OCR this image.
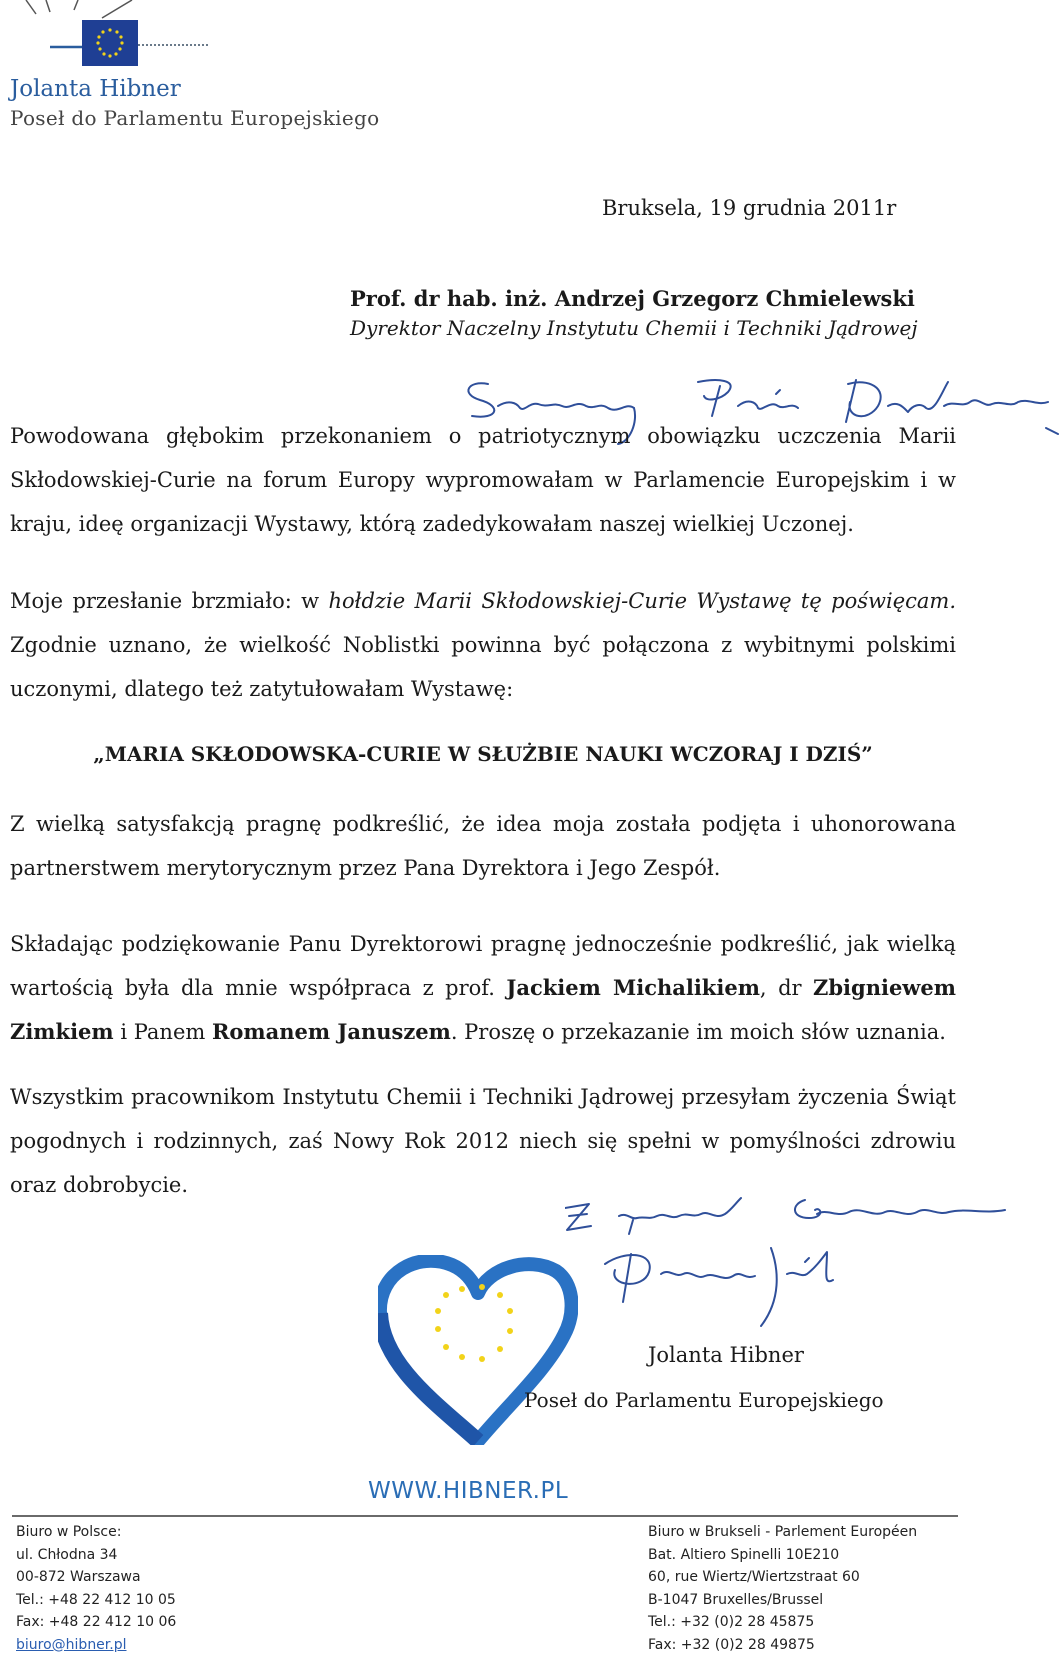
Jolanta Hibner
Poseł do Parlamentu Europejskiego
Bruksela, 19 grudnia 2011r
Prof. dr hab. inż. Andrzej Grzegorz Chmielewski
Dyrektor Naczelny Instytutu Chemii i Techniki Jądrowej
Powodowana głębokim przekonaniem o patriotycznym obowiązku uczczenia Marii Skłodowskiej-Curie na forum Europy wypromowałam w Parlamencie Europejskim i w kraju, ideę organizacji Wystawy, którą zadedykowałam naszej wielkiej Uczonej.
Moje przesłanie brzmiało: w hołdzie Marii Skłodowskiej-Curie Wystawę tę poświęcam. Zgodnie uznano, że wielkość Noblistki powinna być połączona z wybitnymi polskimi uczonymi, dlatego też zatytułowałam Wystawę:
„MARIA SKŁODOWSKA-CURIE W SŁUŻBIE NAUKI WCZORAJ I DZIŚ”
Z wielką satysfakcją pragnę podkreślić, że idea moja została podjęta i uhonorowana partnerstwem merytorycznym przez Pana Dyrektora i Jego Zespół.
Składając podziękowanie Panu Dyrektorowi pragnę jednocześnie podkreślić, jak wielką wartością była dla mnie współpraca z prof. Jackiem Michalikiem, dr Zbigniewem Zimkiem i Panem Romanem Januszem. Proszę o przekazanie im moich słów uznania.
Wszystkim pracownikom Instytutu Chemii i Techniki Jądrowej przesyłam życzenia Świąt pogodnych i rodzinnych, zaś Nowy Rok 2012 niech się spełni w pomyślności zdrowiu oraz dobrobycie.
Jolanta Hibner
Poseł do Parlamentu Europejskiego
WWW.HIBNER.PL
Biuro w Polsce:
ul. Chłodna 34
00-872 Warszawa
Tel.: +48 22 412 10 05
Fax: +48 22 412 10 06
biuro@hibner.pl
Biuro w Brukseli - Parlement Européen
Bat. Altiero Spinelli 10E210
60, rue Wiertz/Wiertzstraat 60
B-1047 Bruxelles/Brussel
Tel.: +32 (0)2 28 45875
Fax: +32 (0)2 28 49875
